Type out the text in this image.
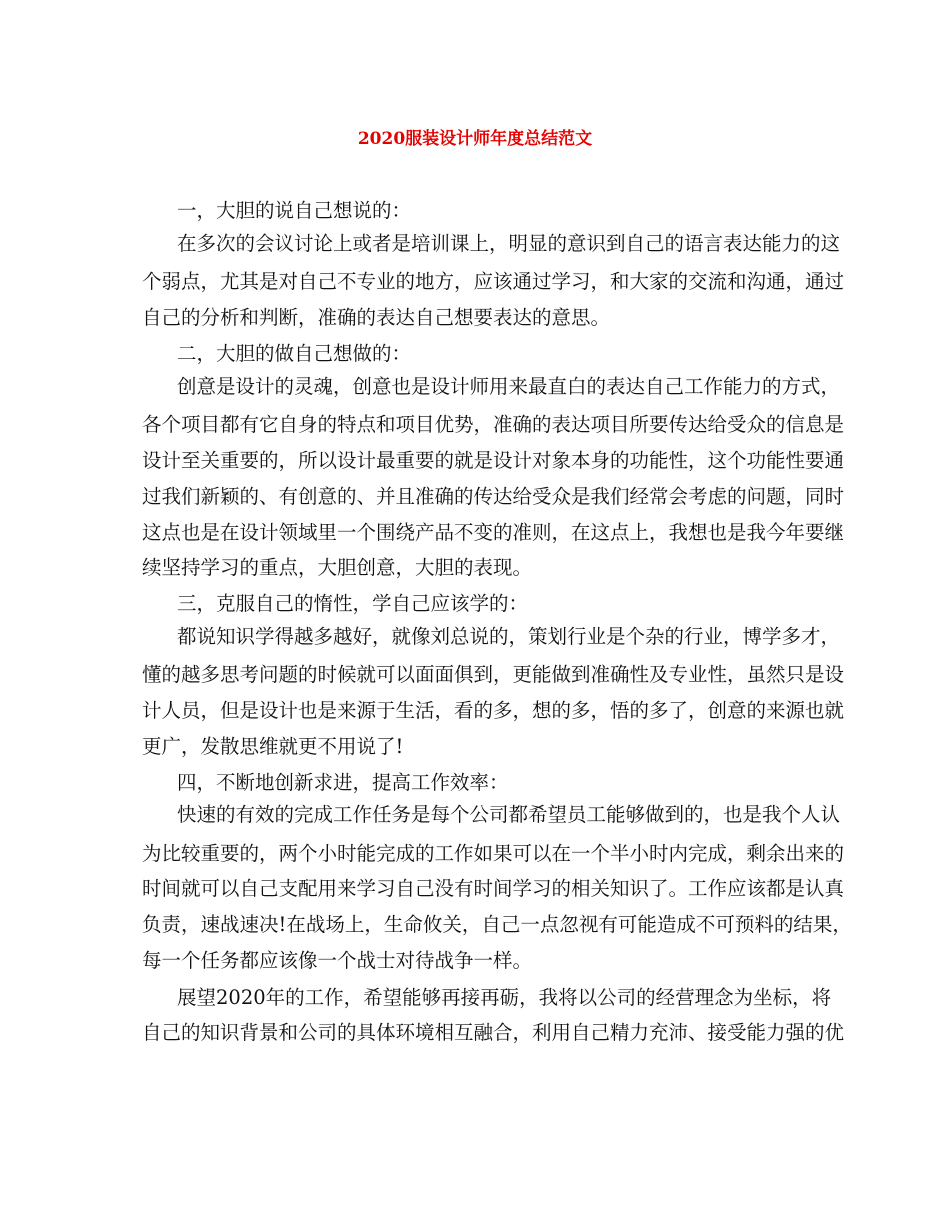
2020服装设计师年度总结范文
一，大胆的说自己想说的：
在多次的会议讨论上或者是培训课上，明显的意识到自己的语言表达能力的这
个弱点，尤其是对自己不专业的地方，应该通过学习，和大家的交流和沟通，通过
自己的分析和判断，准确的表达自己想要表达的意思。
二，大胆的做自己想做的：
创意是设计的灵魂，创意也是设计师用来最直白的表达自己工作能力的方式，
各个项目都有它自身的特点和项目优势，准确的表达项目所要传达给受众的信息是
设计至关重要的，所以设计最重要的就是设计对象本身的功能性，这个功能性要通
过我们新颖的、有创意的、并且准确的传达给受众是我们经常会考虑的问题，同时
这点也是在设计领域里一个围绕产品不变的准则，在这点上，我想也是我今年要继
续坚持学习的重点，大胆创意，大胆的表现。
三，克服自己的惰性，学自己应该学的：
都说知识学得越多越好，就像刘总说的，策划行业是个杂的行业，博学多才，
懂的越多思考问题的时候就可以面面俱到，更能做到准确性及专业性，虽然只是设
计人员，但是设计也是来源于生活，看的多，想的多，悟的多了，创意的来源也就
更广，发散思维就更不用说了!
四，不断地创新求进，提高工作效率：
快速的有效的完成工作任务是每个公司都希望员工能够做到的，也是我个人认
为比较重要的，两个小时能完成的工作如果可以在一个半小时内完成，剩余出来的
时间就可以自己支配用来学习自己没有时间学习的相关知识了。工作应该都是认真
负责，速战速决!在战场上，生命攸关，自己一点忽视有可能造成不可预料的结果，
每一个任务都应该像一个战士对待战争一样。
展望2020年的工作，希望能够再接再砺，我将以公司的经营理念为坐标，将
自己的知识背景和公司的具体环境相互融合，利用自己精力充沛、接受能力强的优
